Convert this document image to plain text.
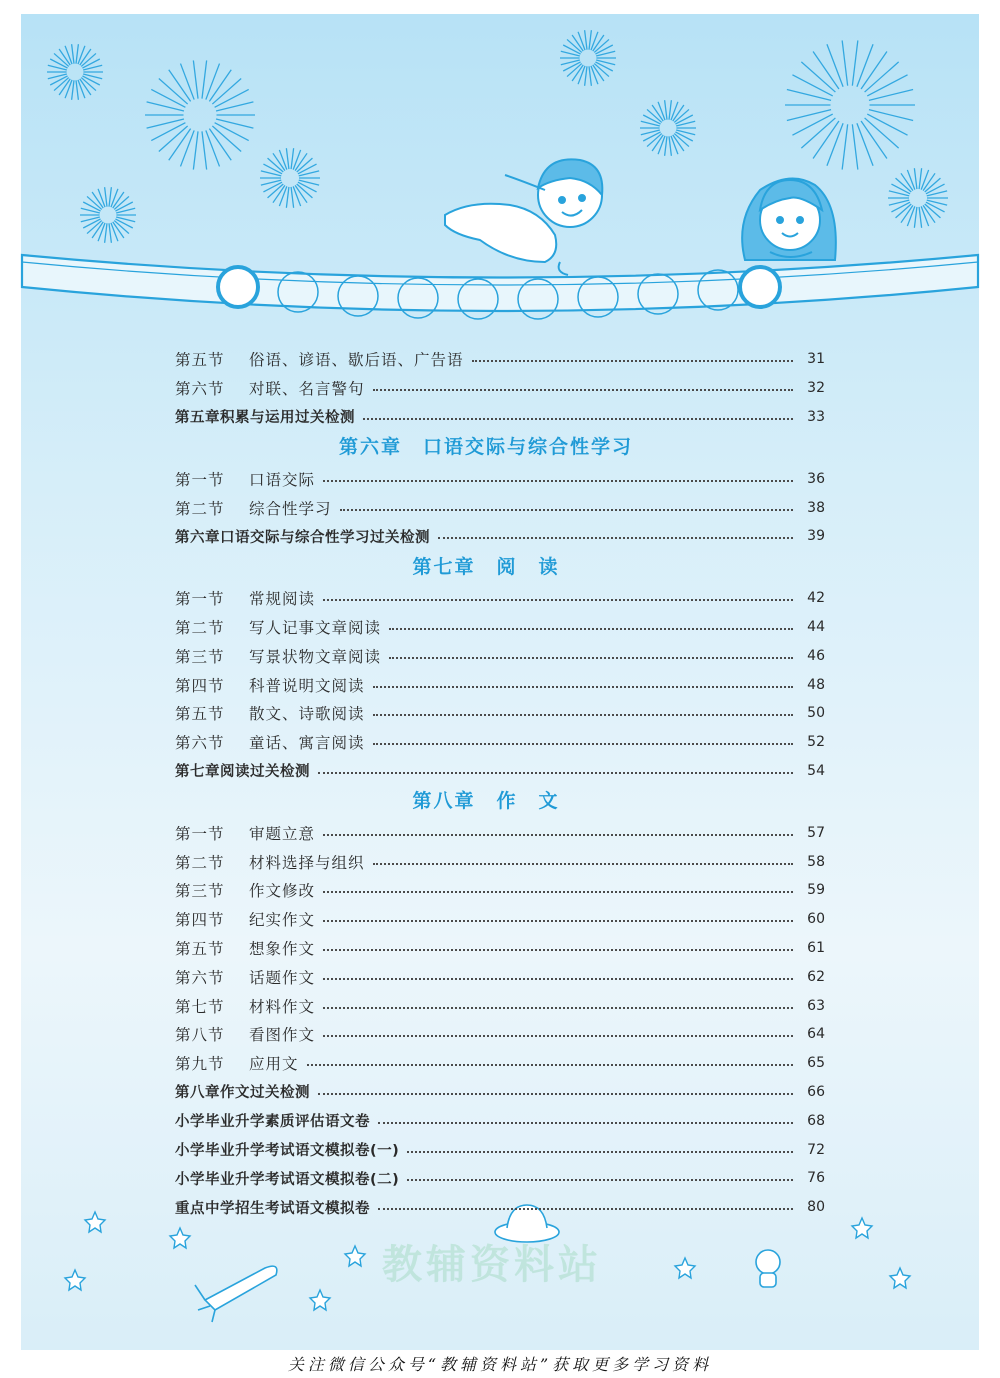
教辅资料站
第五节	俗语、谚语、歇后语、广告语	31
第六节	对联、名言警句	32
第五章积累与运用过关检测	33
第六章　口语交际与综合性学习
第一节	口语交际	36
第二节	综合性学习	38
第六章口语交际与综合性学习过关检测	39
第七章　阅　读
第一节	常规阅读	42
第二节	写人记事文章阅读	44
第三节	写景状物文章阅读	46
第四节	科普说明文阅读	48
第五节	散文、诗歌阅读	50
第六节	童话、寓言阅读	52
第七章阅读过关检测	54
第八章　作　文
第一节	审题立意	57
第二节	材料选择与组织	58
第三节	作文修改	59
第四节	纪实作文	60
第五节	想象作文	61
第六节	话题作文	62
第七节	材料作文	63
第八节	看图作文	64
第九节	应用文	65
第八章作文过关检测	66
小学毕业升学素质评估语文卷	68
小学毕业升学考试语文模拟卷(一)	72
小学毕业升学考试语文模拟卷(二)	76
重点中学招生考试语文模拟卷	80
关注微信公众号“教辅资料站”获取更多学习资料
